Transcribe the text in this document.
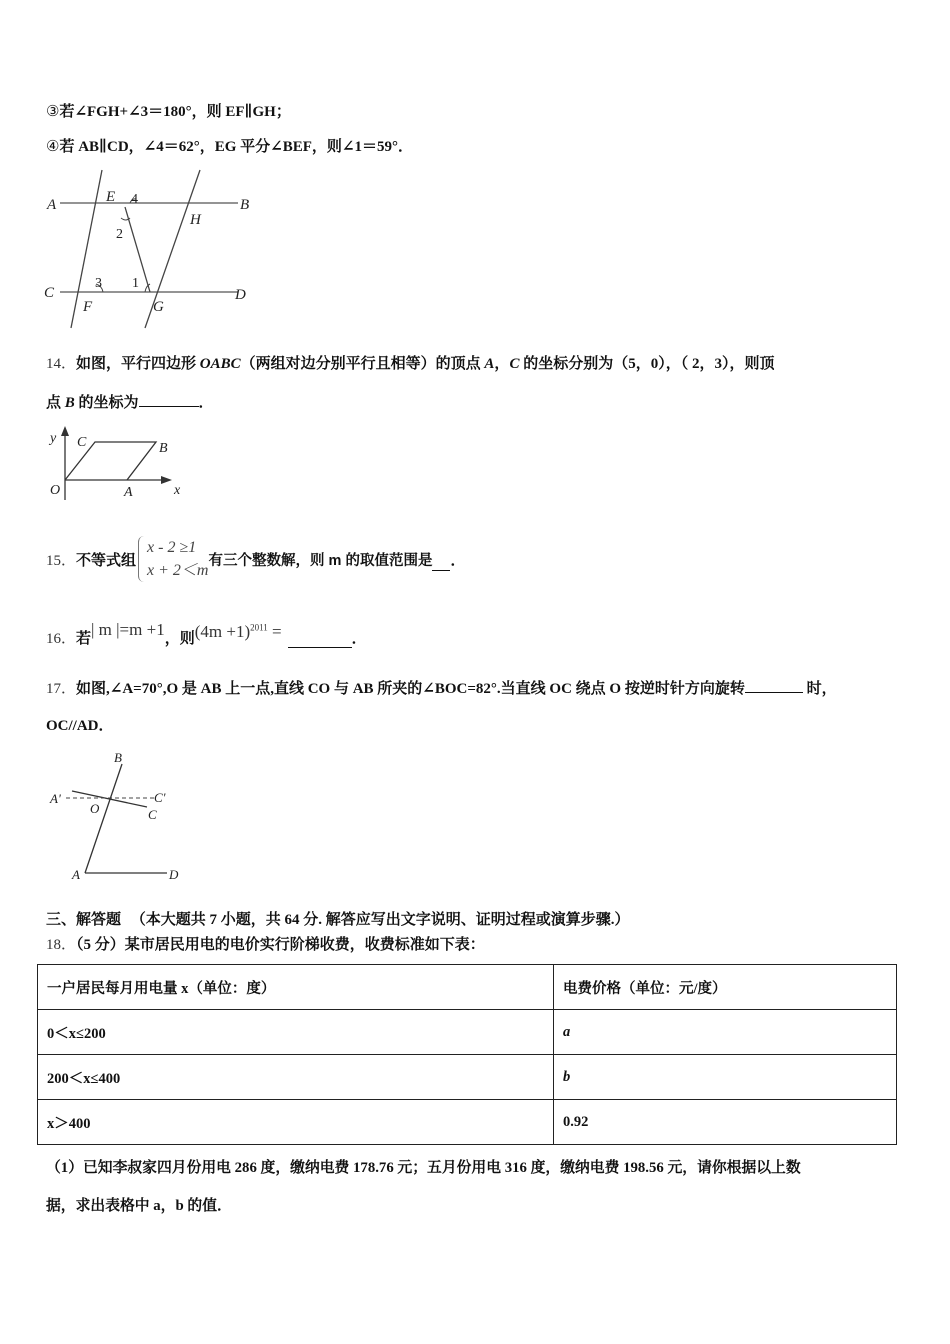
③若∠FGH+∠3＝180°，则 EF∥GH；
④若 AB∥CD，∠4＝62°，EG 平分∠BEF，则∠1＝59°．
A	B
E 4
H
2
C	D
3 1
F	G
14．如图，平行四边形 OABC（两组对边分别平行且相等）的顶点 A，C 的坐标分别为（5，0），（ 2，3），则顶
点 B 的坐标为	．
y C	B
O	A	x
15． 不等式组
x - 2 ≥1
x + 2＜m
有三个整数解，则 m 的取值范围是 ．
16． 若 | m |=m +1 ，则 $(4m +1)^{2011}$ =	．
17．如图,∠A=70°,O 是 AB 上一点,直线 CO 与 AB 所夹的∠BOC=82°.当直线 OC 绕点 O 按逆时针方向旋转	时，
OC//AD．
B
A'	C'
O	C
A	D
三、解答题 （本大题共 7 小题，共 64 分. 解答应写出文字说明、证明过程或演算步骤.）
18．（5 分）某市居民用电的电价实行阶梯收费，收费标准如下表：
一户居民每月用电量 x（单位：度）	电费价格（单位：元/度）
0＜x≤200	a
200＜x≤400	b
x＞400	0.92
（1）已知李叔家四月份用电 286 度，缴纳电费 178.76 元；五月份用电 316 度，缴纳电费 198.56 元，请你根据以上数
据，求出表格中 a，b 的值．
